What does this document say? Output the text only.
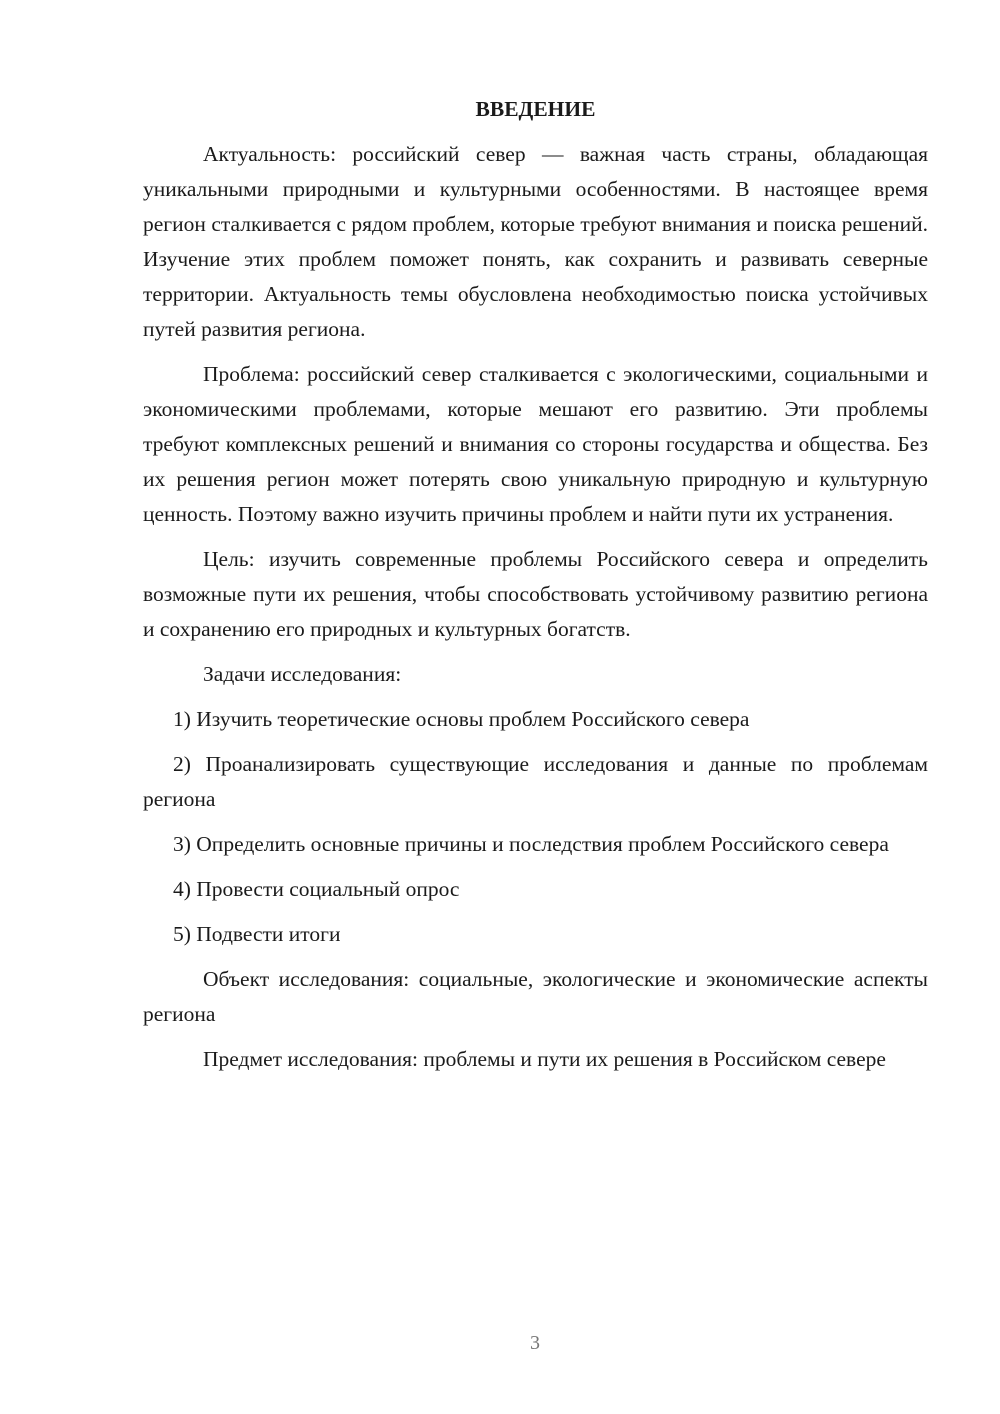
ВВЕДЕНИЕ

Актуальность: российский север — важная часть страны, обладающая уникальными природными и культурными особенностями. В настоящее время регион сталкивается с рядом проблем, которые требуют внимания и поиска решений. Изучение этих проблем поможет понять, как сохранить и развивать северные территории. Актуальность темы обусловлена необходимостью поиска устойчивых путей развития региона.

Проблема: российский север сталкивается с экологическими, социальными и экономическими проблемами, которые мешают его развитию. Эти проблемы требуют комплексных решений и внимания со стороны государства и общества. Без их решения регион может потерять свою уникальную природную и культурную ценность. Поэтому важно изучить причины проблем и найти пути их устранения.

Цель: изучить современные проблемы Российского севера и определить возможные пути их решения, чтобы способствовать устойчивому развитию региона и сохранению его природных и культурных богатств.

Задачи исследования:

1) Изучить теоретические основы проблем Российского севера

2) Проанализировать существующие исследования и данные по проблемам региона

3) Определить основные причины и последствия проблем Российского севера

4) Провести социальный опрос

5) Подвести итоги

Объект исследования: социальные, экологические и экономические аспекты региона

Предмет исследования: проблемы и пути их решения в Российском севере

3
